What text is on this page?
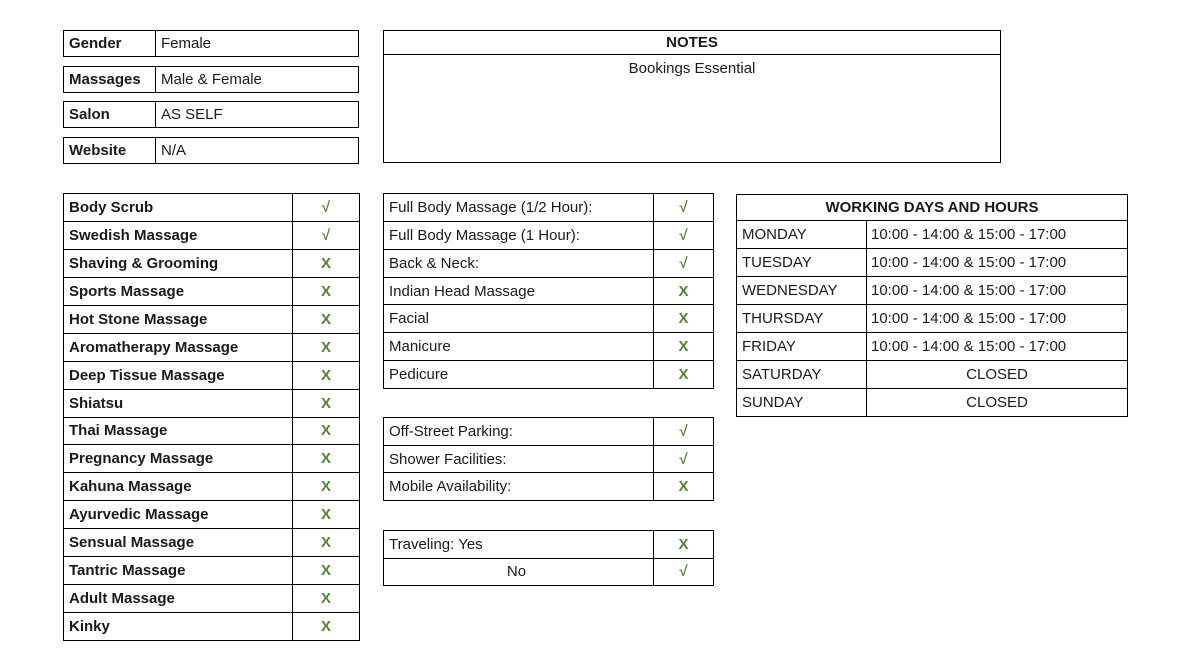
Gender	Female
Massages	Male & Female
Salon	AS SELF
Website	N/A
NOTES
Bookings Essential
Body Scrub	√
Swedish Massage	√
Shaving & Grooming	X
Sports Massage	X
Hot Stone Massage	X
Aromatherapy Massage	X
Deep Tissue Massage	X
Shiatsu	X
Thai Massage	X
Pregnancy Massage	X
Kahuna Massage	X
Ayurvedic Massage	X
Sensual Massage	X
Tantric Massage	X
Adult Massage	X
Kinky	X
Full Body Massage (1/2 Hour):	√
Full Body Massage (1 Hour):	√
Back & Neck:	√
Indian Head Massage	X
Facial	X
Manicure	X
Pedicure	X
Off-Street Parking:	√
Shower Facilities:	√
Mobile Availability:	X
Traveling: Yes	X
No	√
WORKING DAYS AND HOURS
MONDAY	10:00 - 14:00 & 15:00 - 17:00
TUESDAY	10:00 - 14:00 & 15:00 - 17:00
WEDNESDAY	10:00 - 14:00 & 15:00 - 17:00
THURSDAY	10:00 - 14:00 & 15:00 - 17:00
FRIDAY	10:00 - 14:00 & 15:00 - 17:00
SATURDAY	CLOSED
SUNDAY	CLOSED
